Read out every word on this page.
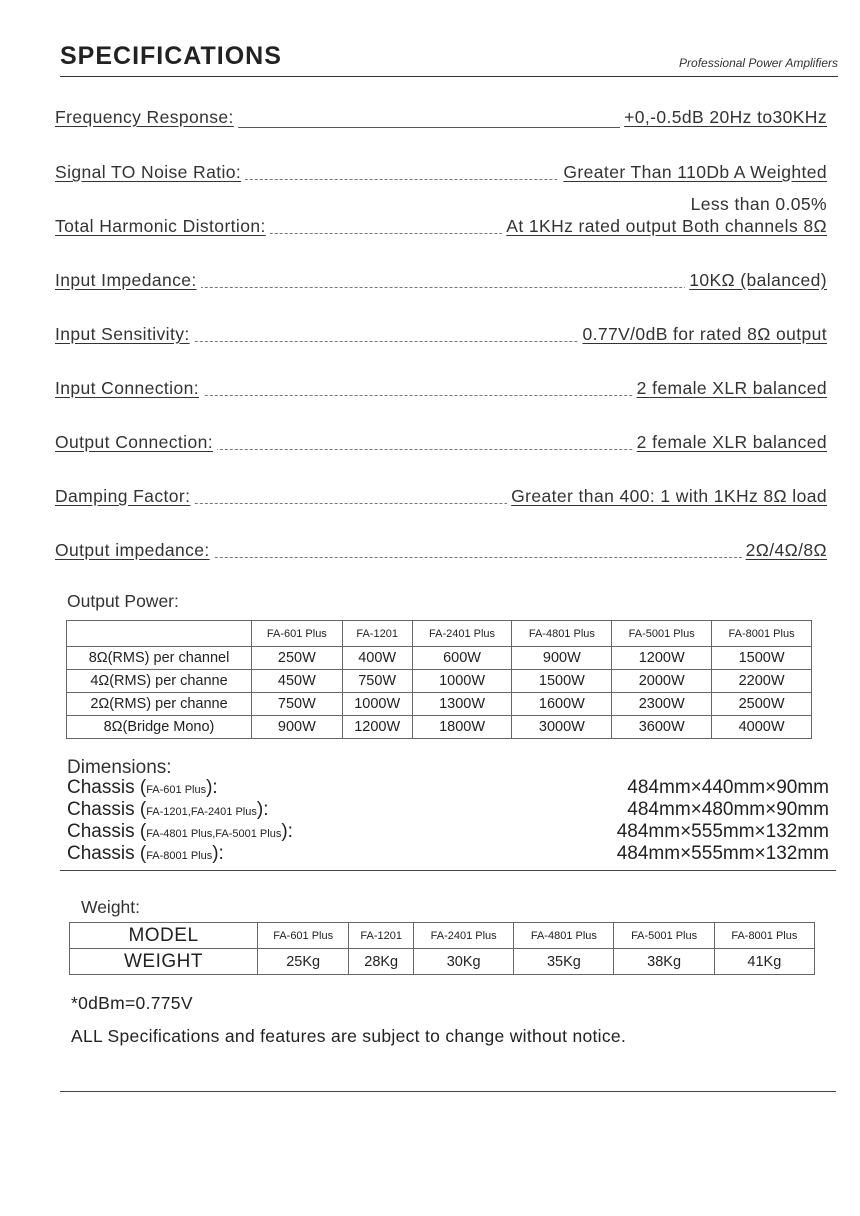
SPECIFICATIONS	Professional Power Amplifiers
Frequency Response:	+0,-0.5dB 20Hz to30KHz
Signal TO Noise Ratio:	Greater Than 110Db A Weighted
Less than 0.05%
Total Harmonic Distortion:	At 1KHz rated output Both channels 8Ω
Input Impedance:	10KΩ (balanced)
Input Sensitivity:	0.77V/0dB for rated 8Ω output
Input Connection:	2 female XLR balanced
Output Connection:	2 female XLR balanced
Damping Factor:	Greater than 400: 1 with 1KHz 8Ω load
Output impedance:	2Ω/4Ω/8Ω
Output Power:
	FA-601 Plus	FA-1201	FA-2401 Plus	FA-4801 Plus	FA-5001 Plus	FA-8001 Plus
8Ω(RMS) per channel	250W	400W	600W	900W	1200W	1500W
4Ω(RMS) per channe	450W	750W	1000W	1500W	2000W	2200W
2Ω(RMS) per channe	750W	1000W	1300W	1600W	2300W	2500W
8Ω(Bridge Mono)	900W	1200W	1800W	3000W	3600W	4000W
Dimensions:
Chassis (FA-601 Plus):	484mm×440mm×90mm
Chassis (FA-1201,FA-2401 Plus):	484mm×480mm×90mm
Chassis (FA-4801 Plus,FA-5001 Plus):	484mm×555mm×132mm
Chassis (FA-8001 Plus):	484mm×555mm×132mm
Weight:
MODEL	FA-601 Plus	FA-1201	FA-2401 Plus	FA-4801 Plus	FA-5001 Plus	FA-8001 Plus
WEIGHT	25Kg	28Kg	30Kg	35Kg	38Kg	41Kg
*0dBm=0.775V
ALL Specifications and features are subject to change without notice.
